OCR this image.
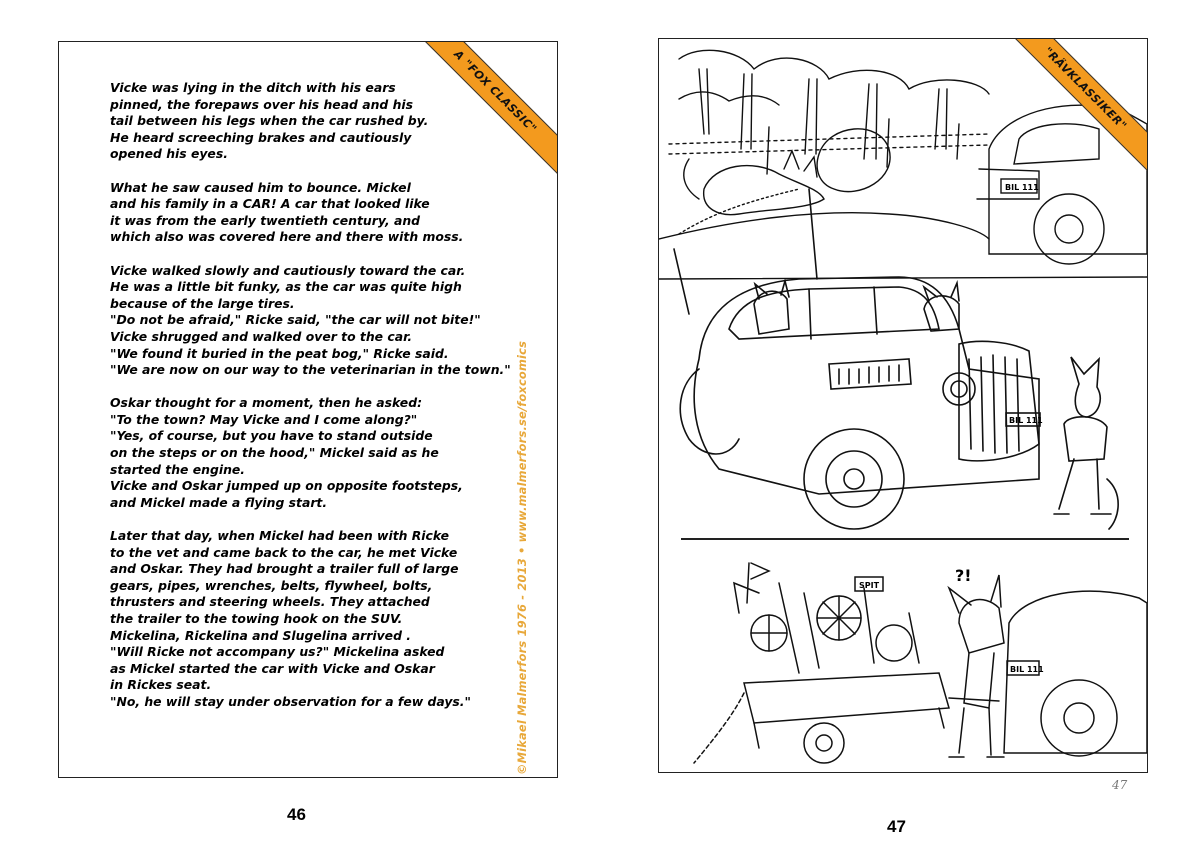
A "FOX CLASSIC"

Vicke was lying in the ditch with his ears
pinned, the forepaws over his head and his
tail between his legs when the car rushed by.
He heard screeching brakes and cautiously
opened his eyes.

What he saw caused him to bounce. Mickel
and his family in a CAR! A car that looked like
it was from the early twentieth century, and
which also was covered here and there with moss.

Vicke walked slowly and cautiously toward the car.
He was a little bit funky, as the car was quite high
because of the large tires.
"Do not be afraid," Ricke said, "the car will not bite!"
Vicke shrugged and walked over to the car.
"We found it buried in the peat bog," Ricke said.
"We are now on our way to the veterinarian in the town."

Oskar thought for a moment, then he asked:
"To the town? May Vicke and I come along?"
"Yes, of course, but you have to stand outside
on the steps or on the hood," Mickel said as he
started the engine.
Vicke and Oskar jumped up on opposite footsteps,
and Mickel made a flying start.

Later that day, when Mickel had been with Ricke
to the vet and came back to the car, he met Vicke
and Oskar. They had brought a trailer full of large
gears, pipes, wrenches, belts, flywheel, bolts,
thrusters and steering wheels. They attached
the trailer to the towing hook on the SUV.
Mickelina, Rickelina and Slugelina arrived .
"Will Ricke not accompany us?" Mickelina asked
as Mickel started the car with Vicke and Oskar
in Rickes seat.
"No, he will stay under observation for a few days."	©Mikael Malmerfors 1976 - 2013 • www.malmerfors.se/foxcomics
46
BIL 111
BIL 111
SPIT
?!
BIL 111
"RÄVKLASSIKER"
47
47
